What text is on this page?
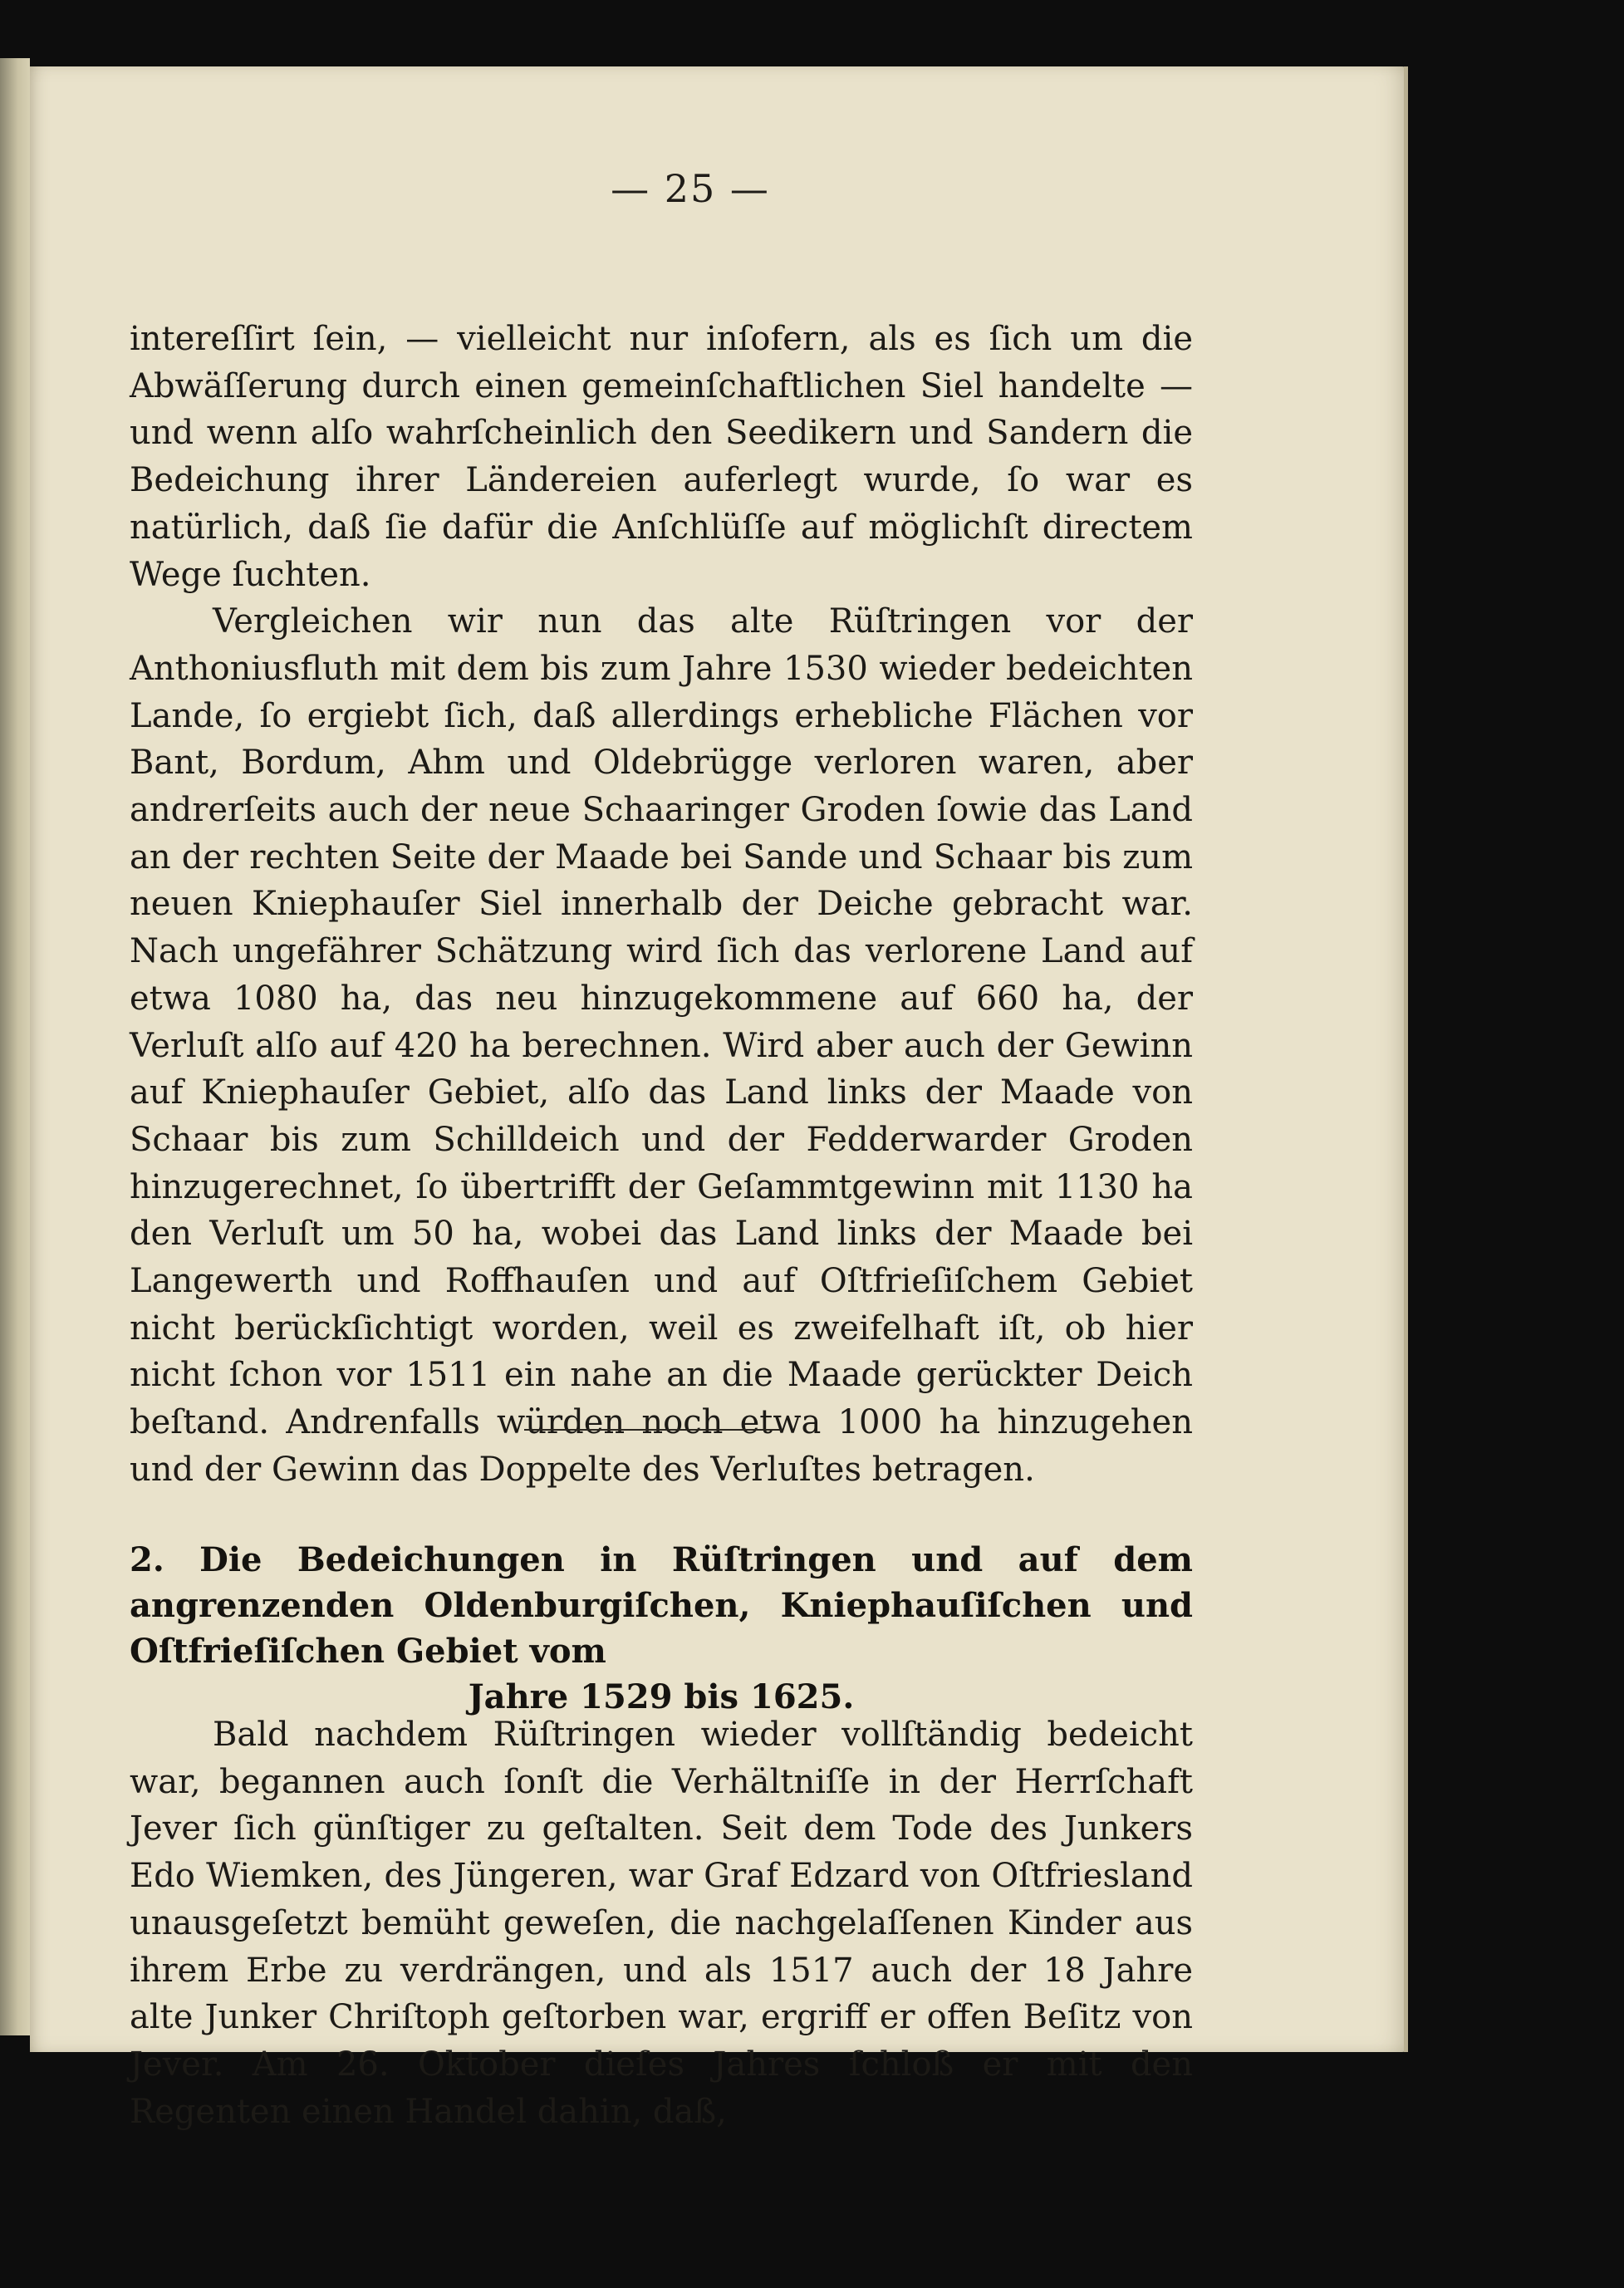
— 25 —

intereſſirt ſein, — vielleicht nur inſofern, als es ſich um die Abwäſſerung durch einen gemeinſchaftlichen Siel handelte — und wenn alſo wahrſcheinlich den Seedikern und Sandern die Bedeichung ihrer Ländereien auferlegt wurde, ſo war es natürlich, daß ſie dafür die Anſchlüſſe auf möglichſt directem Wege ſuchten.

Vergleichen wir nun das alte Rüſtringen vor der Anthoniusfluth mit dem bis zum Jahre 1530 wieder bedeichten Lande, ſo ergiebt ſich, daß allerdings erhebliche Flächen vor Bant, Bordum, Ahm und Oldebrügge verloren waren, aber andrerſeits auch der neue Schaaringer Groden ſowie das Land an der rechten Seite der Maade bei Sande und Schaar bis zum neuen Kniephauſer Siel innerhalb der Deiche gebracht war. Nach ungefährer Schätzung wird ſich das verlorene Land auf etwa 1080 ha, das neu hinzugekommene auf 660 ha, der Verluſt alſo auf 420 ha berechnen. Wird aber auch der Gewinn auf Kniephauſer Gebiet, alſo das Land links der Maade von Schaar bis zum Schilldeich und der Fedderwarder Groden hinzugerechnet, ſo übertrifft der Geſammtgewinn mit 1130 ha den Verluſt um 50 ha, wobei das Land links der Maade bei Langewerth und Roffhauſen und auf Oſtfrieſiſchem Gebiet nicht berückſichtigt worden, weil es zweifelhaft iſt, ob hier nicht ſchon vor 1511 ein nahe an die Maade gerückter Deich beſtand. Andrenfalls würden noch etwa 1000 ha hinzugehen und der Gewinn das Doppelte des Verluſtes betragen.

2. Die Bedeichungen in Rüſtringen und auf dem angrenzenden Oldenburgiſchen, Kniephauſiſchen und Oſtfrieſiſchen Gebiet vom
Jahre 1529 bis 1625.

Bald nachdem Rüſtringen wieder vollſtändig bedeicht war, begannen auch ſonſt die Verhältniſſe in der Herrſchaft Jever ſich günſtiger zu geſtalten. Seit dem Tode des Junkers Edo Wiemken, des Jüngeren, war Graf Edzard von Oſtfriesland unausgeſetzt bemüht geweſen, die nachgelaſſenen Kinder aus ihrem Erbe zu verdrängen, und als 1517 auch der 18 Jahre alte Junker Chriſtoph geſtorben war, ergriff er offen Beſitz von Jever. Am 26. Oktober dieſes Jahres ſchloß er mit den Regenten einen Handel dahin, daß,
